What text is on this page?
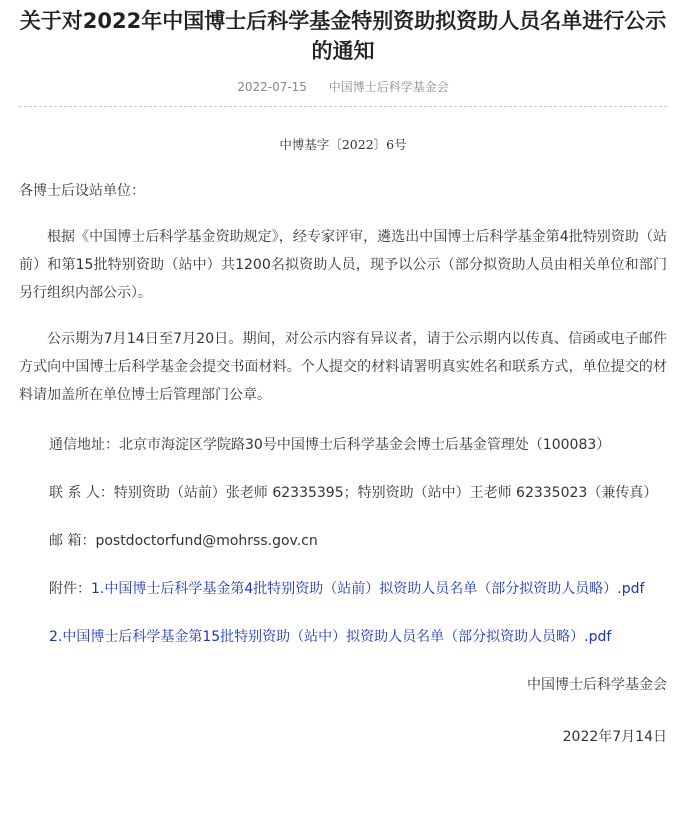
关于对2022年中国博士后科学基金特别资助拟资助人员名单进行公示的通知
2022-07-15 中国博士后科学基金会
中博基字〔2022〕6号
各博士后设站单位：

根据《中国博士后科学基金资助规定》，经专家评审，遴选出中国博士后科学基金第4批特别资助（站前）和第15批特别资助（站中）共1200名拟资助人员，现予以公示（部分拟资助人员由相关单位和部门另行组织内部公示）。

公示期为7月14日至7月20日。期间，对公示内容有异议者，请于公示期内以传真、信函或电子邮件方式向中国博士后科学基金会提交书面材料。个人提交的材料请署明真实姓名和联系方式，单位提交的材料请加盖所在单位博士后管理部门公章。

通信地址：北京市海淀区学院路30号中国博士后科学基金会博士后基金管理处（100083）
联 系 人：特别资助（站前）张老师 62335395；特别资助（站中）王老师 62335023（兼传真）
邮 箱：postdoctorfund@mohrss.gov.cn
附件：1.中国博士后科学基金第4批特别资助（站前）拟资助人员名单（部分拟资助人员略）.pdf
2.中国博士后科学基金第15批特别资助（站中）拟资助人员名单（部分拟资助人员略）.pdf
中国博士后科学基金会
2022年7月14日
